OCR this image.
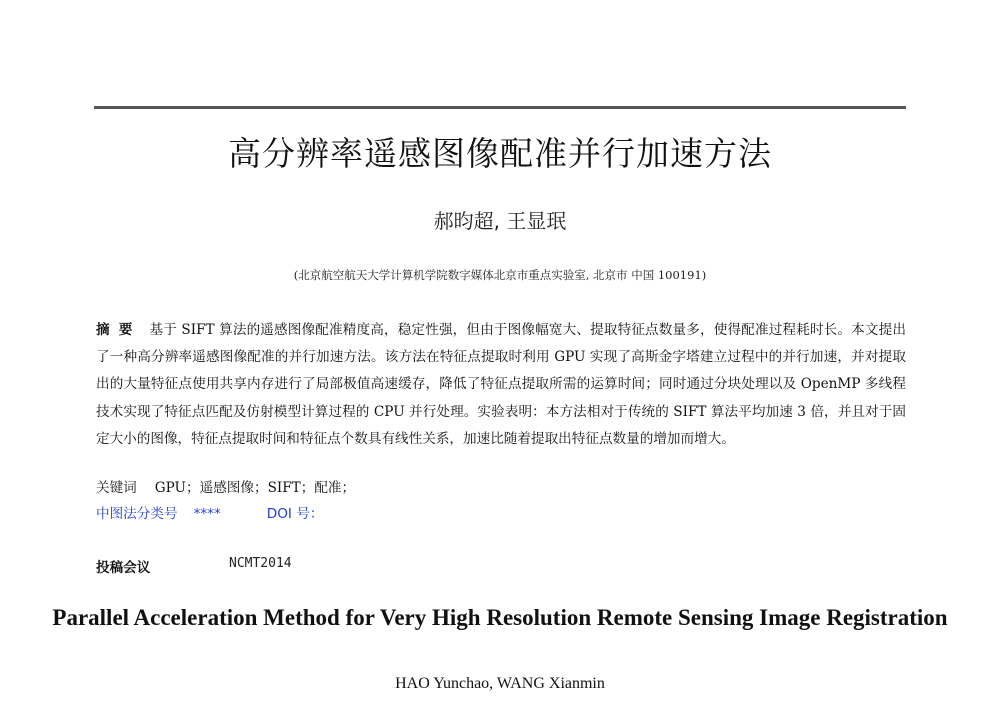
高分辨率遥感图像配准并行加速方法
郝昀超, 王显珉
(北京航空航天大学计算机学院数字媒体北京市重点实验室, 北京市 中国 100191)
摘要 基于 SIFT 算法的遥感图像配准精度高，稳定性强，但由于图像幅宽大、提取特征点数量多，使得配准过程耗时长。本文提出了一种高分辨率遥感图像配准的并行加速方法。该方法在特征点提取时利用 GPU 实现了高斯金字塔建立过程中的并行加速，并对提取出的大量特征点使用共享内存进行了局部极值高速缓存，降低了特征点提取所需的运算时间；同时通过分块处理以及 OpenMP 多线程技术实现了特征点匹配及仿射模型计算过程的 CPU 并行处理。实验表明：本方法相对于传统的 SIFT 算法平均加速 3 倍，并且对于固定大小的图像，特征点提取时间和特征点个数具有线性关系，加速比随着提取出特征点数量的增加而增大。
关键词 GPU；遥感图像；SIFT；配准；
中图法分类号 ****	DOI 号：
投稿会议	NCMT2014
Parallel Acceleration Method for Very High Resolution Remote Sensing Image Registration
HAO Yunchao, WANG Xianmin
